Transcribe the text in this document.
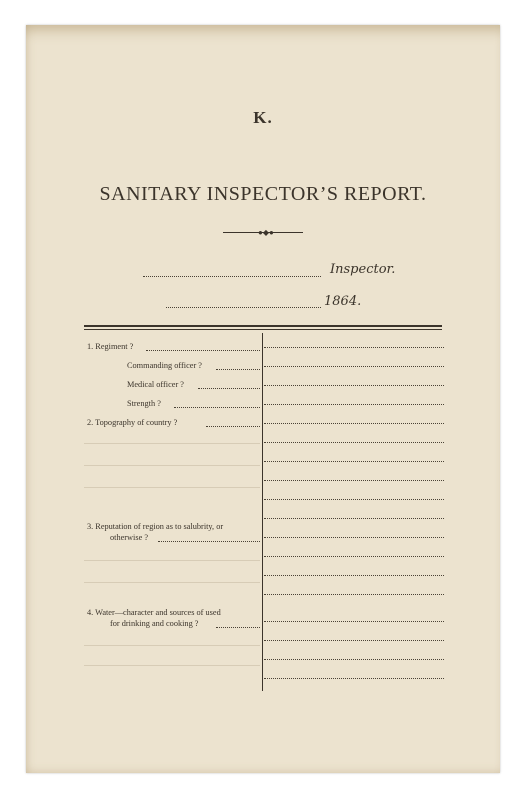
K.
SANITARY INSPECTOR’S REPORT.
●◆●
Inspector.
1864.
1. Regiment ?
Commanding officer ?
Medical officer ?
Strength ?
2. Topography of country ?
3. Reputation of region as to salubrity, or
otherwise ?
4. Water—character and sources of used
for drinking and cooking ?
